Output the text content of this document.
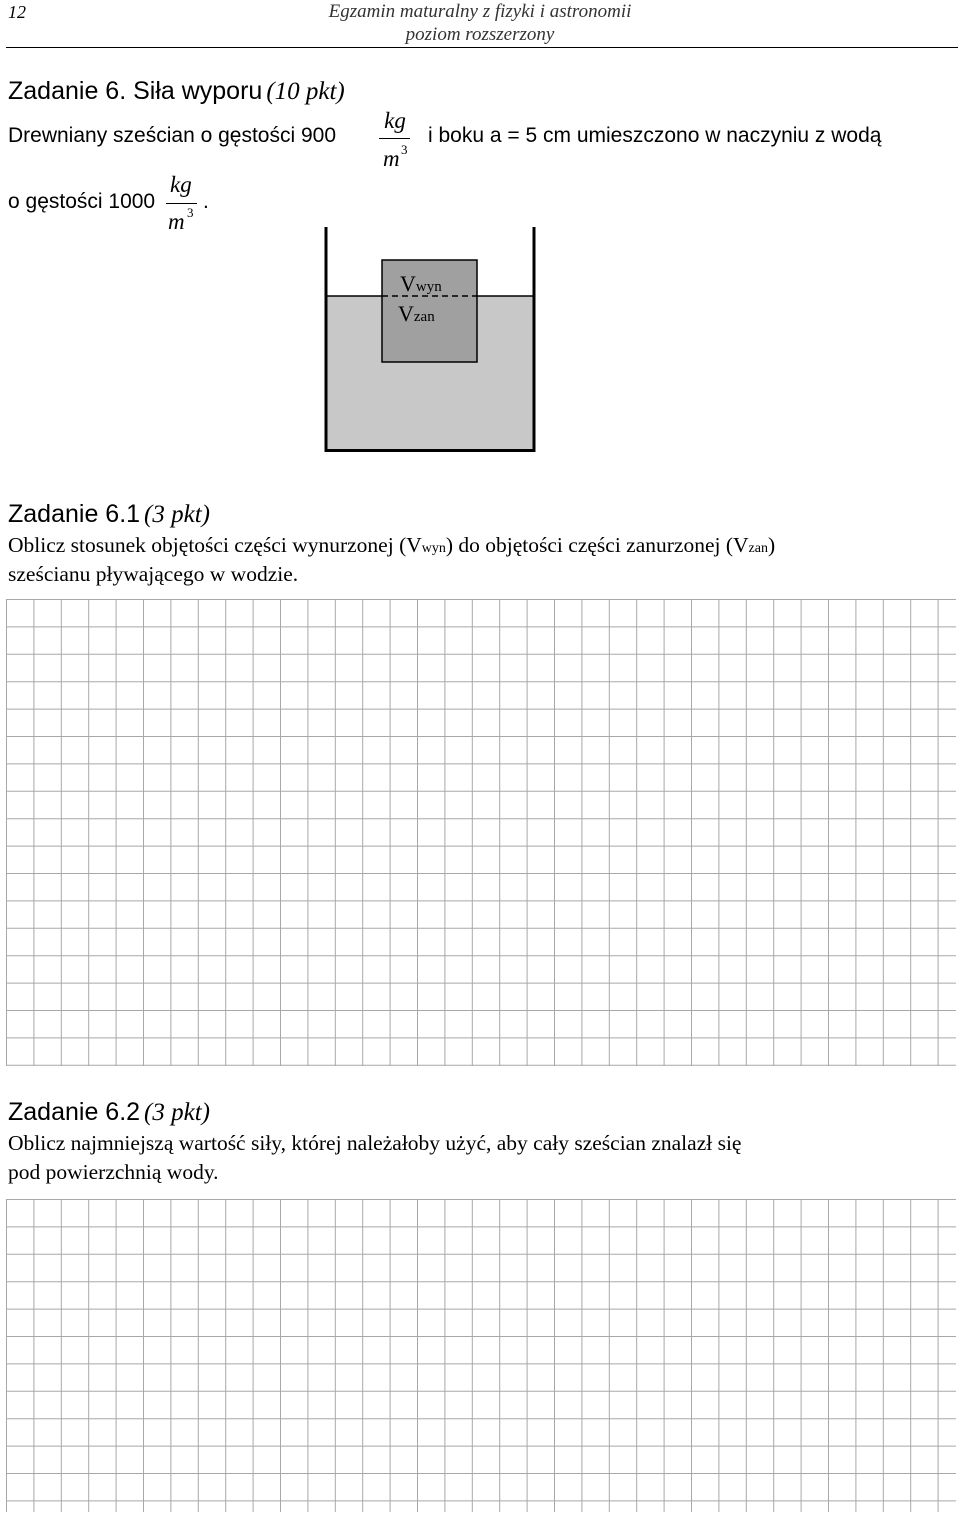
12	Egzamin maturalny z fizyki i astronomii
poziom rozszerzony
Zadanie 6. Siła wyporu (10 pkt)
Drewniany sześcian o gęstości 900
kg
m 3
i boku a = 5 cm umieszczono w naczyniu z wodą
o gęstości 1000
kg
m 3 .
Vwyn
Vzan
Zadanie 6.1 (3 pkt)
Oblicz stosunek objętości części wynurzonej (Vwyn) do objętości części zanurzonej (Vzan)
sześcianu pływającego w wodzie.
Zadanie 6.2 (3 pkt)
Oblicz najmniejszą wartość siły, której należałoby użyć, aby cały sześcian znalazł się
pod powierzchnią wody.
